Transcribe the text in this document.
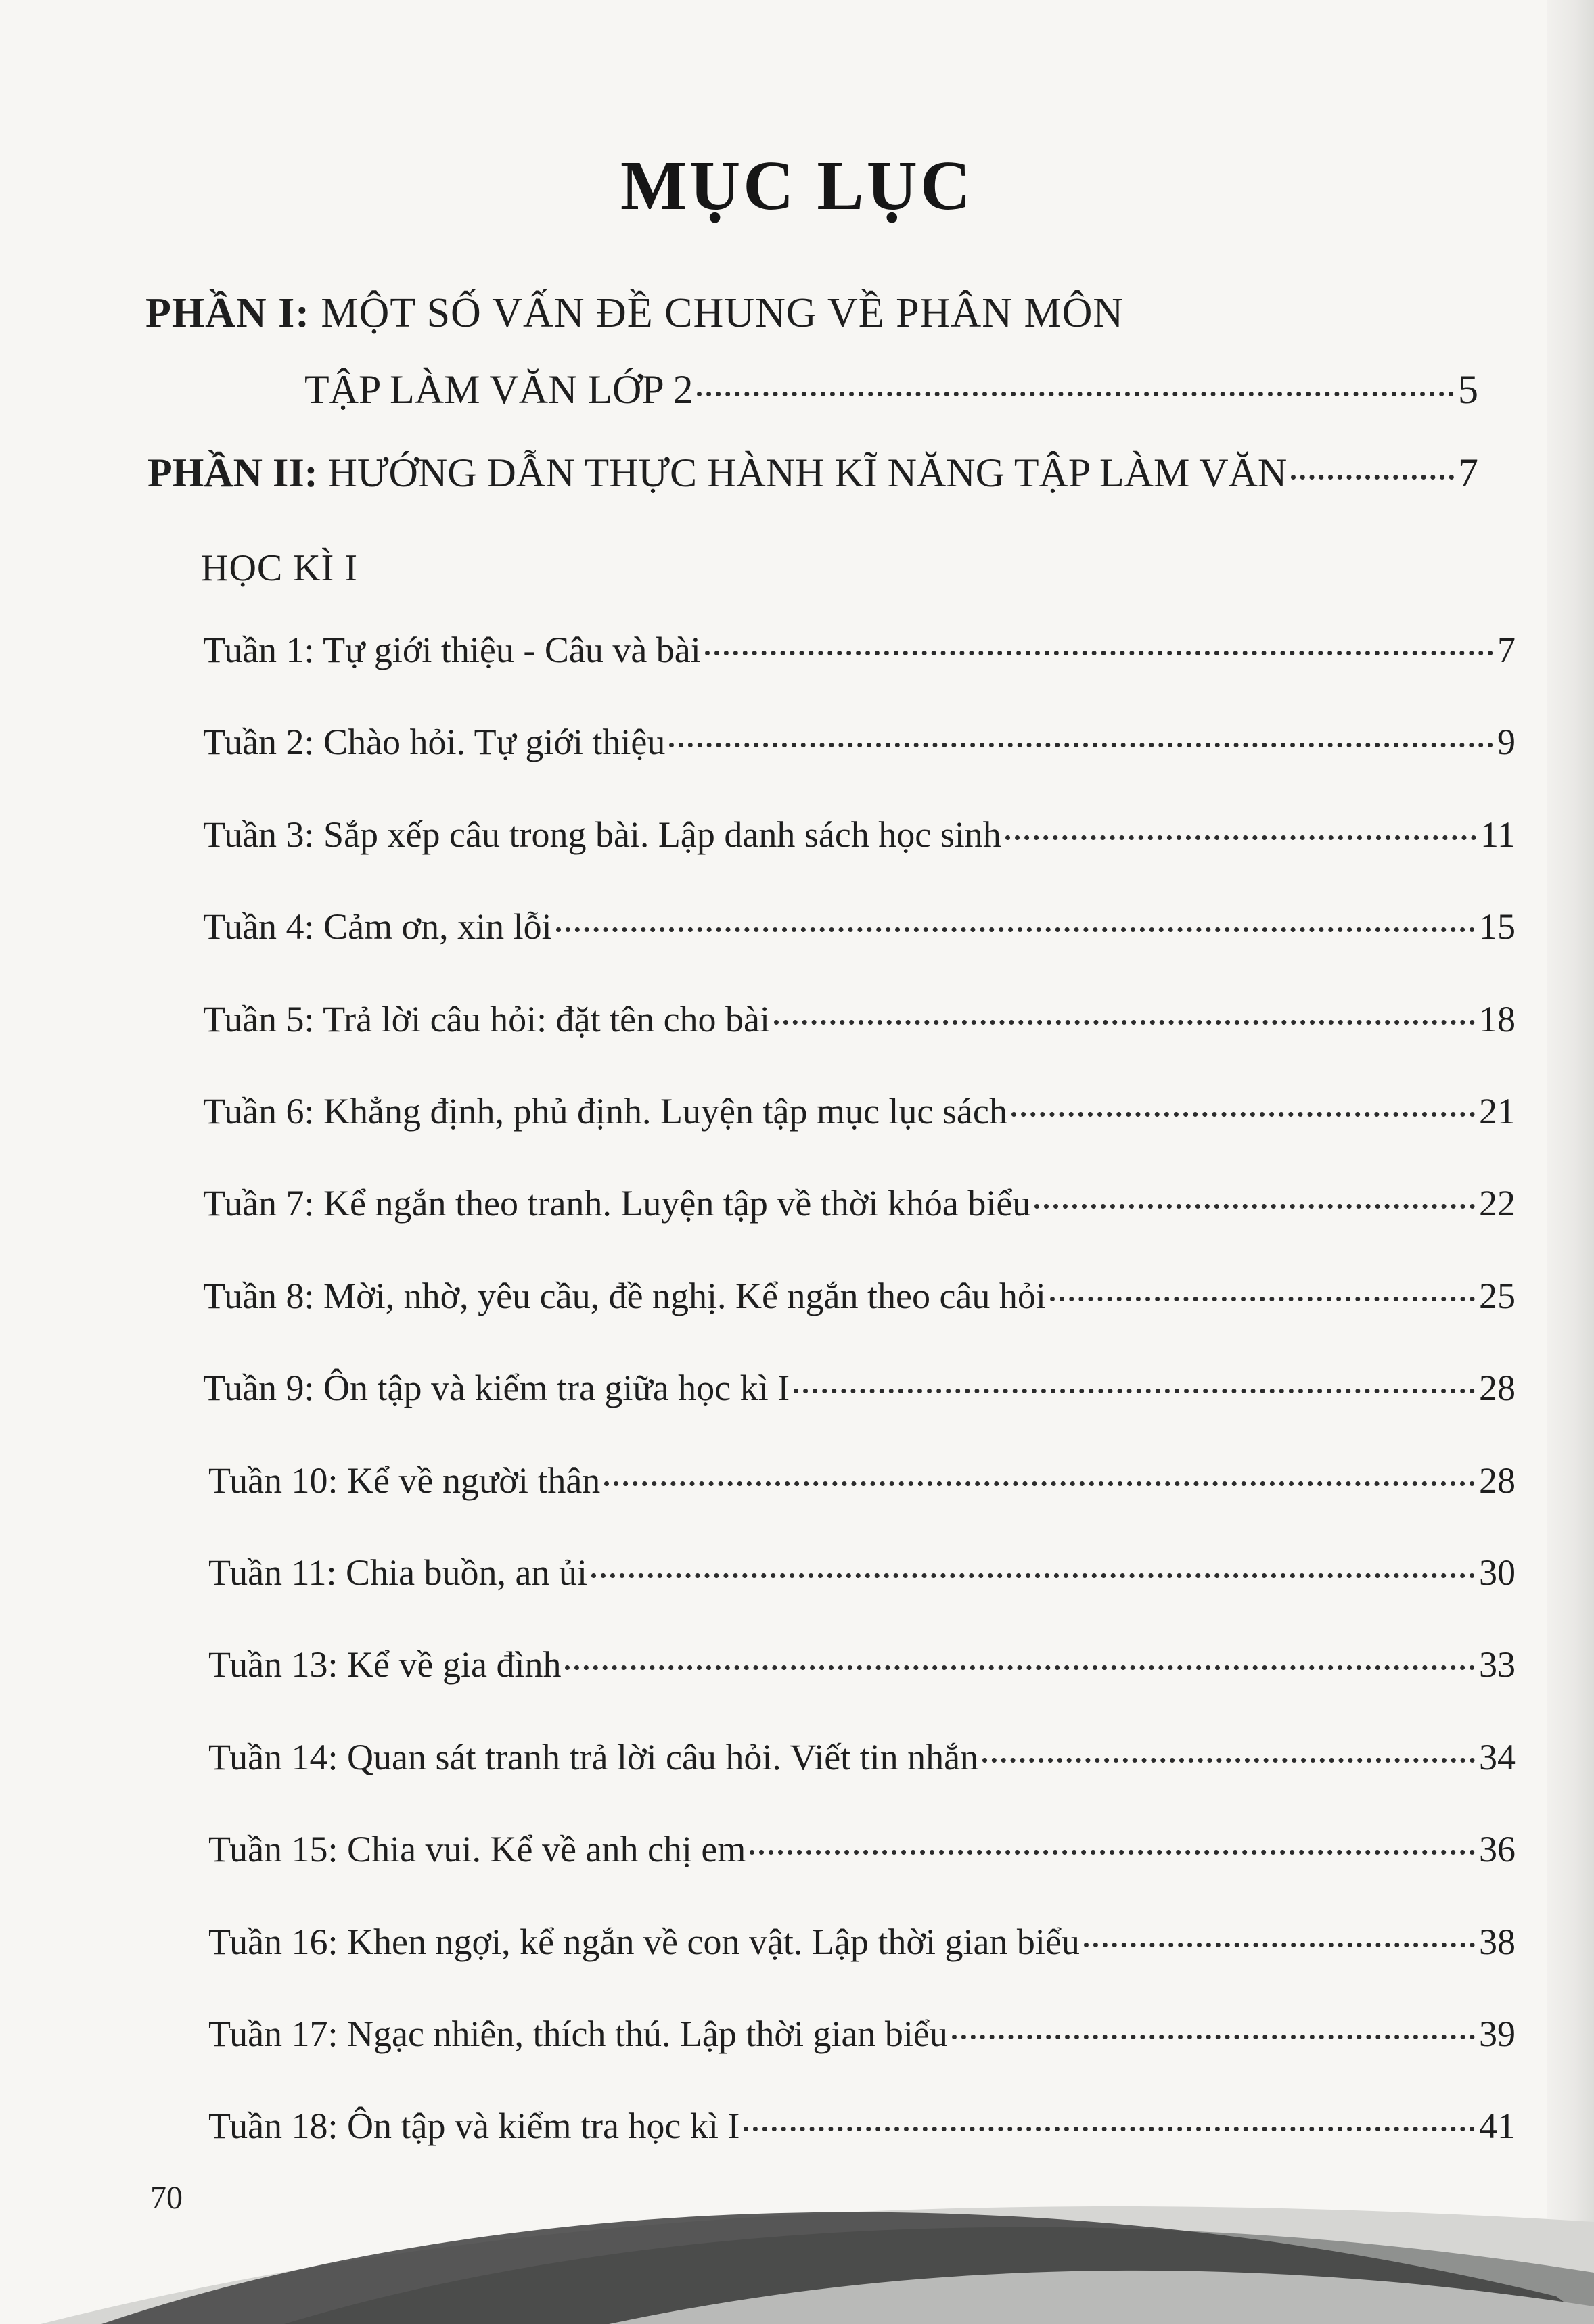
MỤC LỤC
PHẦN I: MỘT SỐ VẤN ĐỀ CHUNG VỀ PHÂN MÔN
TẬP LÀM VĂN LỚP 2	5
PHẦN II: HƯỚNG DẪN THỰC HÀNH KĨ NĂNG TẬP LÀM VĂN	7
HỌC KÌ I
Tuần 1: Tự giới thiệu - Câu và bài	7
Tuần 2: Chào hỏi. Tự giới thiệu	9
Tuần 3: Sắp xếp câu trong bài. Lập danh sách học sinh	11
Tuần 4: Cảm ơn, xin lỗi	15
Tuần 5: Trả lời câu hỏi: đặt tên cho bài	18
Tuần 6: Khẳng định, phủ định. Luyện tập mục lục sách	21
Tuần 7: Kể ngắn theo tranh. Luyện tập về thời khóa biểu	22
Tuần 8: Mời, nhờ, yêu cầu, đề nghị. Kể ngắn theo câu hỏi	25
Tuần 9: Ôn tập và kiểm tra giữa học kì I	28
Tuần 10: Kể về người thân	28
Tuần 11: Chia buồn, an ủi	30
Tuần 13: Kể về gia đình	33
Tuần 14: Quan sát tranh trả lời câu hỏi. Viết tin nhắn	34
Tuần 15: Chia vui. Kể về anh chị em	36
Tuần 16: Khen ngợi, kể ngắn về con vật. Lập thời gian biểu	38
Tuần 17: Ngạc nhiên, thích thú. Lập thời gian biểu	39
Tuần 18: Ôn tập và kiểm tra học kì I	41
70
